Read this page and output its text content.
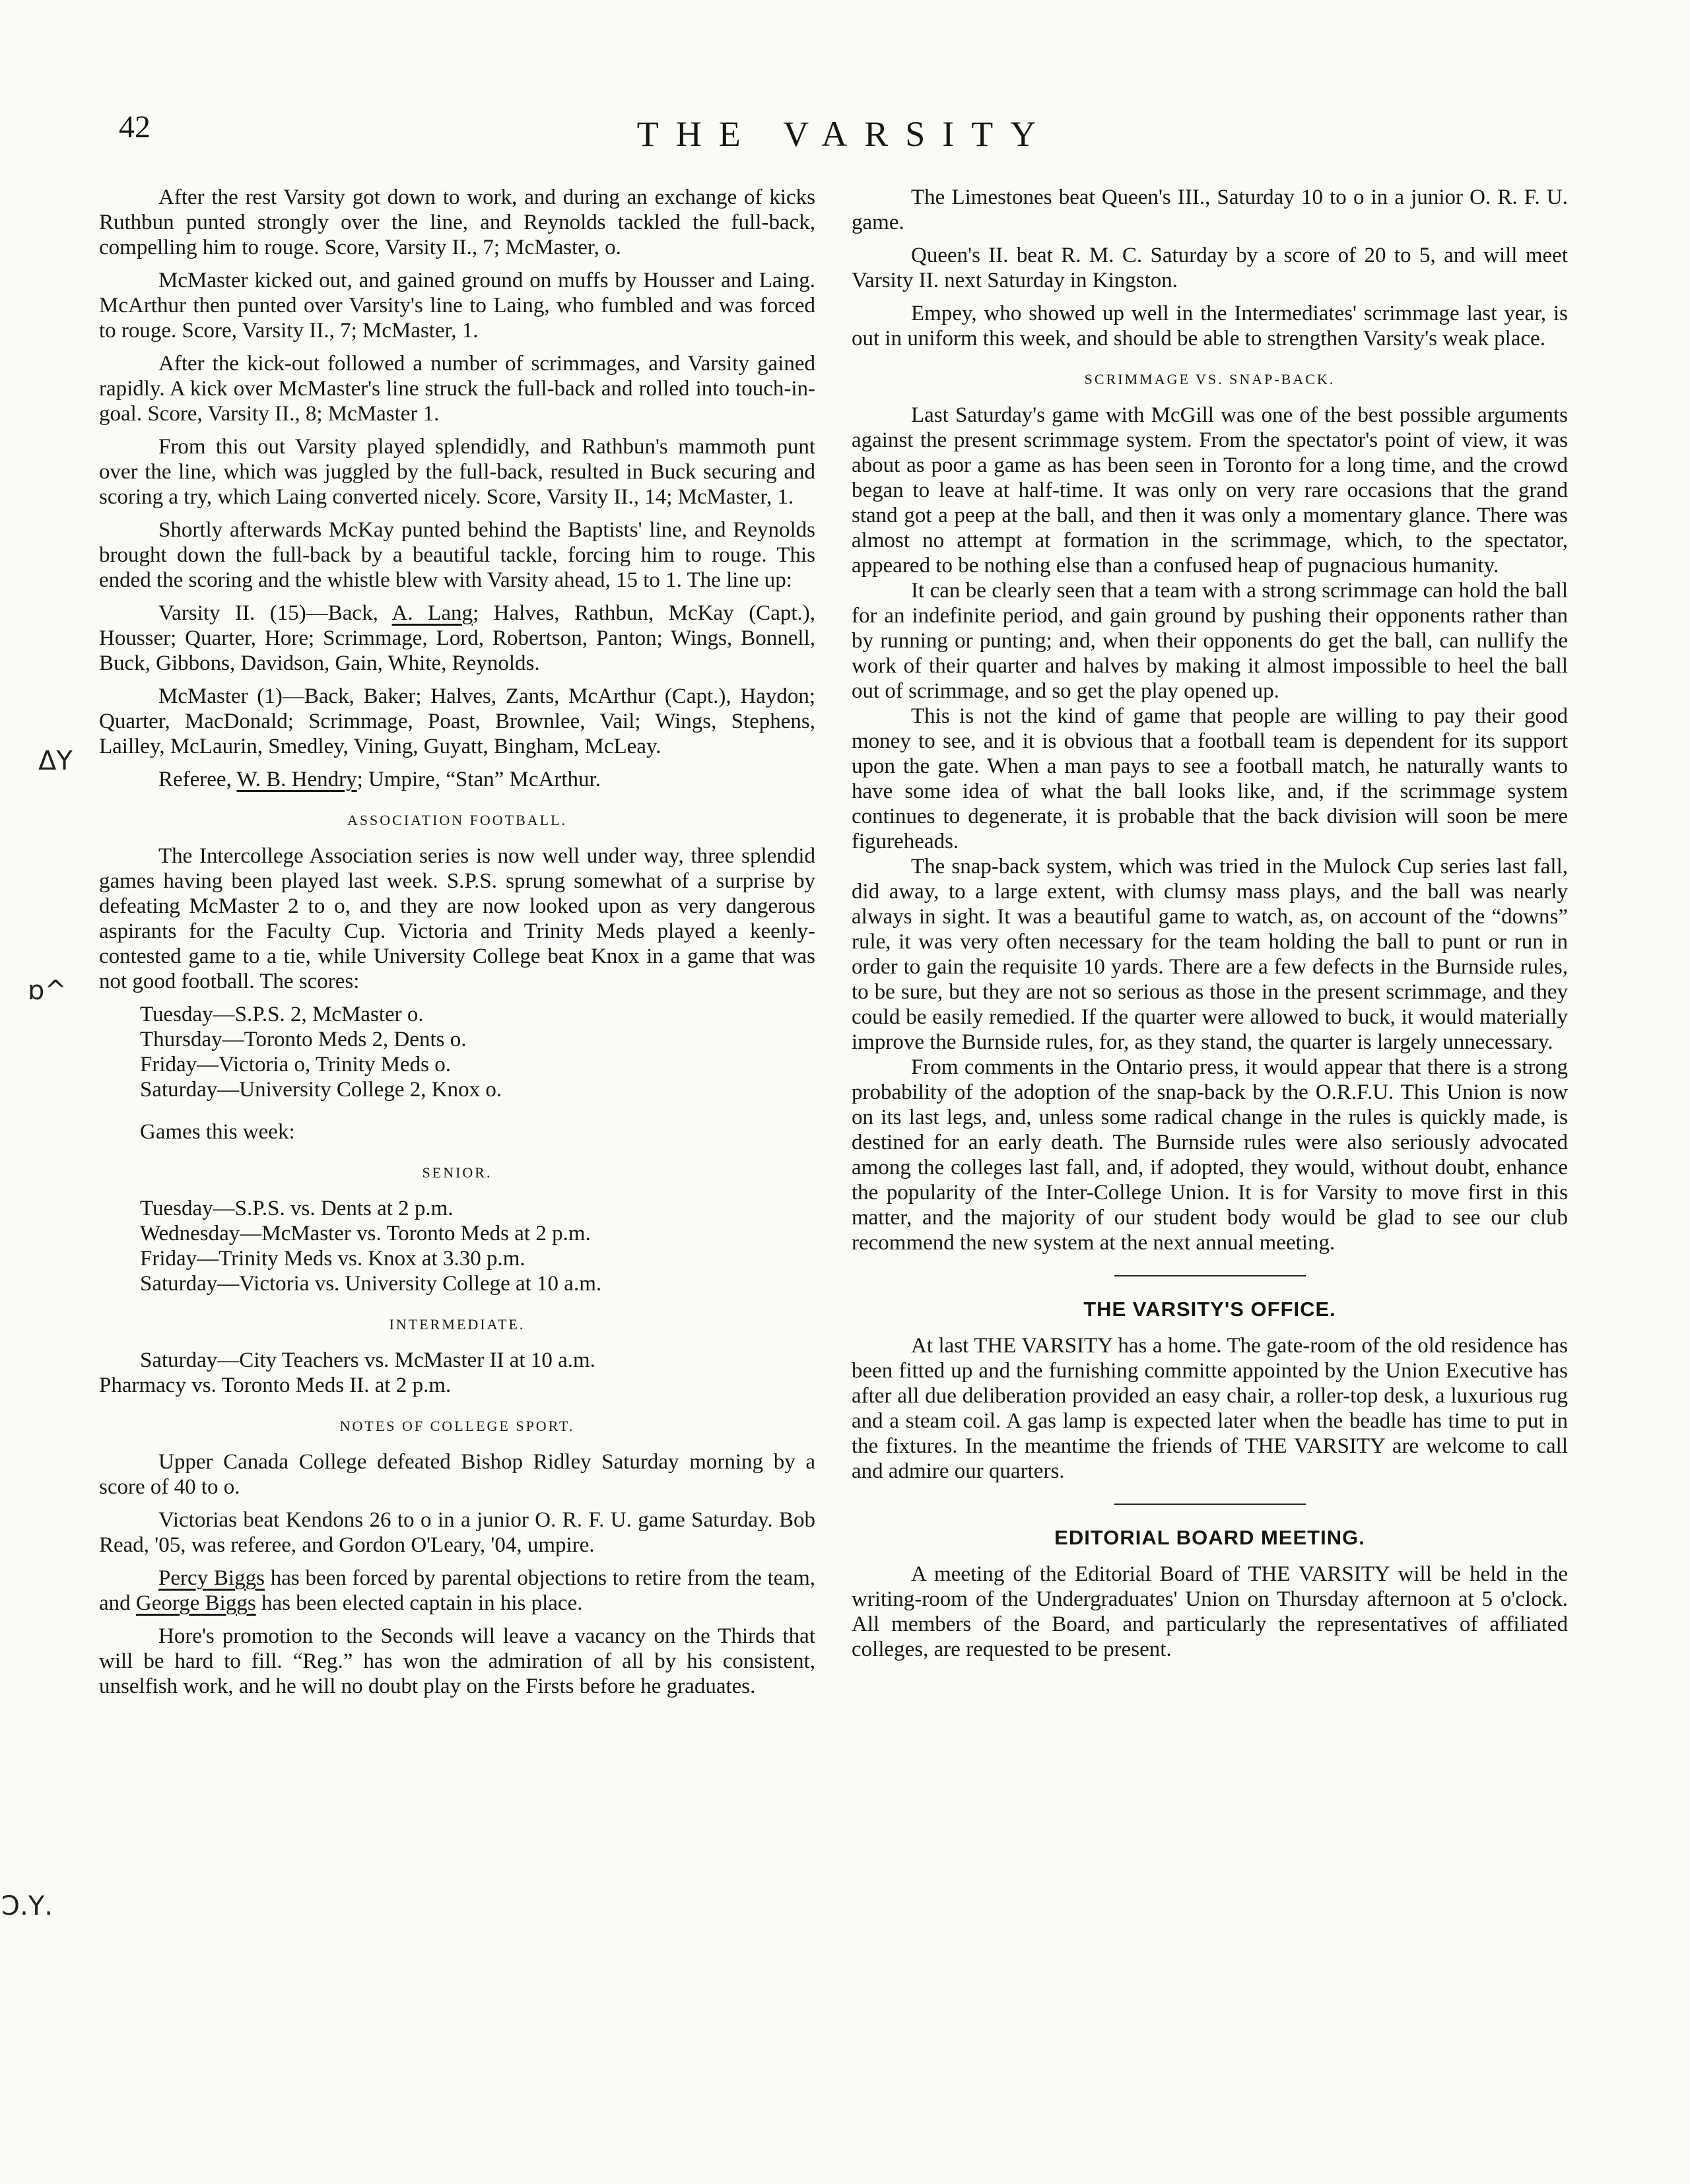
42	THE VARSITY
ΔΥ
ɒ^
Ↄ.Υ.

After the rest Varsity got down to work, and during an exchange of kicks Ruthbun punted strongly over the line, and Reynolds tackled the full-back, compelling him to rouge. Score, Varsity II., 7; McMaster, o.

McMaster kicked out, and gained ground on muffs by Housser and Laing. McArthur then punted over Varsity's line to Laing, who fumbled and was forced to rouge. Score, Varsity II., 7; McMaster, 1.

After the kick-out followed a number of scrimmages, and Varsity gained rapidly. A kick over McMaster's line struck the full-back and rolled into touch-in-goal. Score, Varsity II., 8; McMaster 1.

From this out Varsity played splendidly, and Rathbun's mammoth punt over the line, which was juggled by the full-back, resulted in Buck securing and scoring a try, which Laing converted nicely. Score, Varsity II., 14; McMaster, 1.

Shortly afterwards McKay punted behind the Baptists' line, and Reynolds brought down the full-back by a beautiful tackle, forcing him to rouge. This ended the scoring and the whistle blew with Varsity ahead, 15 to 1. The line up:

Varsity II. (15)—Back, A. Lang; Halves, Rathbun, McKay (Capt.), Housser; Quarter, Hore; Scrimmage, Lord, Robertson, Panton; Wings, Bonnell, Buck, Gibbons, Davidson, Gain, White, Reynolds.

McMaster (1)—Back, Baker; Halves, Zants, McArthur (Capt.), Haydon; Quarter, MacDonald; Scrimmage, Poast, Brownlee, Vail; Wings, Stephens, Lailley, McLaurin, Smedley, Vining, Guyatt, Bingham, McLeay.

Referee, W. B. Hendry; Umpire, “Stan” McArthur.

ASSOCIATION FOOTBALL.

The Intercollege Association series is now well under way, three splendid games having been played last week. S.P.S. sprung somewhat of a surprise by defeating McMaster 2 to o, and they are now looked upon as very dangerous aspirants for the Faculty Cup. Victoria and Trinity Meds played a keenly-contested game to a tie, while University College beat Knox in a game that was not good football. The scores:

Tuesday—S.P.S. 2, McMaster o.
Thursday—Toronto Meds 2, Dents o.
Friday—Victoria o, Trinity Meds o.
Saturday—University College 2, Knox o.
Games this week:
SENIOR.
Tuesday—S.P.S. vs. Dents at 2 p.m.
Wednesday—McMaster vs. Toronto Meds at 2 p.m.
Friday—Trinity Meds vs. Knox at 3.30 p.m.
Saturday—Victoria vs. University College at 10 a.m.
INTERMEDIATE.
Saturday—City Teachers vs. McMaster II at 10 a.m.
Pharmacy vs. Toronto Meds II. at 2 p.m.
NOTES OF COLLEGE SPORT.

Upper Canada College defeated Bishop Ridley Saturday morning by a score of 40 to o.

Victorias beat Kendons 26 to o in a junior O. R. F. U. game Saturday. Bob Read, '05, was referee, and Gordon O'Leary, '04, umpire.

Percy Biggs has been forced by parental objections to retire from the team, and George Biggs has been elected captain in his place.

Hore's promotion to the Seconds will leave a vacancy on the Thirds that will be hard to fill. “Reg.” has won the admiration of all by his consistent, unselfish work, and he will no doubt play on the Firsts before he graduates.

The Limestones beat Queen's III., Saturday 10 to o in a junior O. R. F. U. game.

Queen's II. beat R. M. C. Saturday by a score of 20 to 5, and will meet Varsity II. next Saturday in Kingston.

Empey, who showed up well in the Intermediates' scrimmage last year, is out in uniform this week, and should be able to strengthen Varsity's weak place.

SCRIMMAGE VS. SNAP-BACK.

Last Saturday's game with McGill was one of the best possible arguments against the present scrimmage system. From the spectator's point of view, it was about as poor a game as has been seen in Toronto for a long time, and the crowd began to leave at half-time. It was only on very rare occasions that the grand stand got a peep at the ball, and then it was only a momentary glance. There was almost no attempt at formation in the scrimmage, which, to the spectator, appeared to be nothing else than a confused heap of pugnacious humanity.

It can be clearly seen that a team with a strong scrimmage can hold the ball for an indefinite period, and gain ground by pushing their opponents rather than by running or punting; and, when their opponents do get the ball, can nullify the work of their quarter and halves by making it almost impossible to heel the ball out of scrimmage, and so get the play opened up.

This is not the kind of game that people are willing to pay their good money to see, and it is obvious that a football team is dependent for its support upon the gate. When a man pays to see a football match, he naturally wants to have some idea of what the ball looks like, and, if the scrimmage system continues to degenerate, it is probable that the back division will soon be mere figureheads.

The snap-back system, which was tried in the Mulock Cup series last fall, did away, to a large extent, with clumsy mass plays, and the ball was nearly always in sight. It was a beautiful game to watch, as, on account of the “downs” rule, it was very often necessary for the team holding the ball to punt or run in order to gain the requisite 10 yards. There are a few defects in the Burnside rules, to be sure, but they are not so serious as those in the present scrimmage, and they could be easily remedied. If the quarter were allowed to buck, it would materially improve the Burnside rules, for, as they stand, the quarter is largely unnecessary.

From comments in the Ontario press, it would appear that there is a strong probability of the adoption of the snap-back by the O.R.F.U. This Union is now on its last legs, and, unless some radical change in the rules is quickly made, is destined for an early death. The Burnside rules were also seriously advocated among the colleges last fall, and, if adopted, they would, without doubt, enhance the popularity of the Inter-College Union. It is for Varsity to move first in this matter, and the majority of our student body would be glad to see our club recommend the new system at the next annual meeting.

THE VARSITY'S OFFICE.

At last THE VARSITY has a home. The gate-room of the old residence has been fitted up and the furnishing committe appointed by the Union Executive has after all due deliberation provided an easy chair, a roller-top desk, a luxurious rug and a steam coil. A gas lamp is expected later when the beadle has time to put in the fixtures. In the meantime the friends of THE VARSITY are welcome to call and admire our quarters.

EDITORIAL BOARD MEETING.

A meeting of the Editorial Board of THE VARSITY will be held in the writing-room of the Undergraduates' Union on Thursday afternoon at 5 o'clock. All members of the Board, and particularly the representatives of affiliated colleges, are requested to be present.
